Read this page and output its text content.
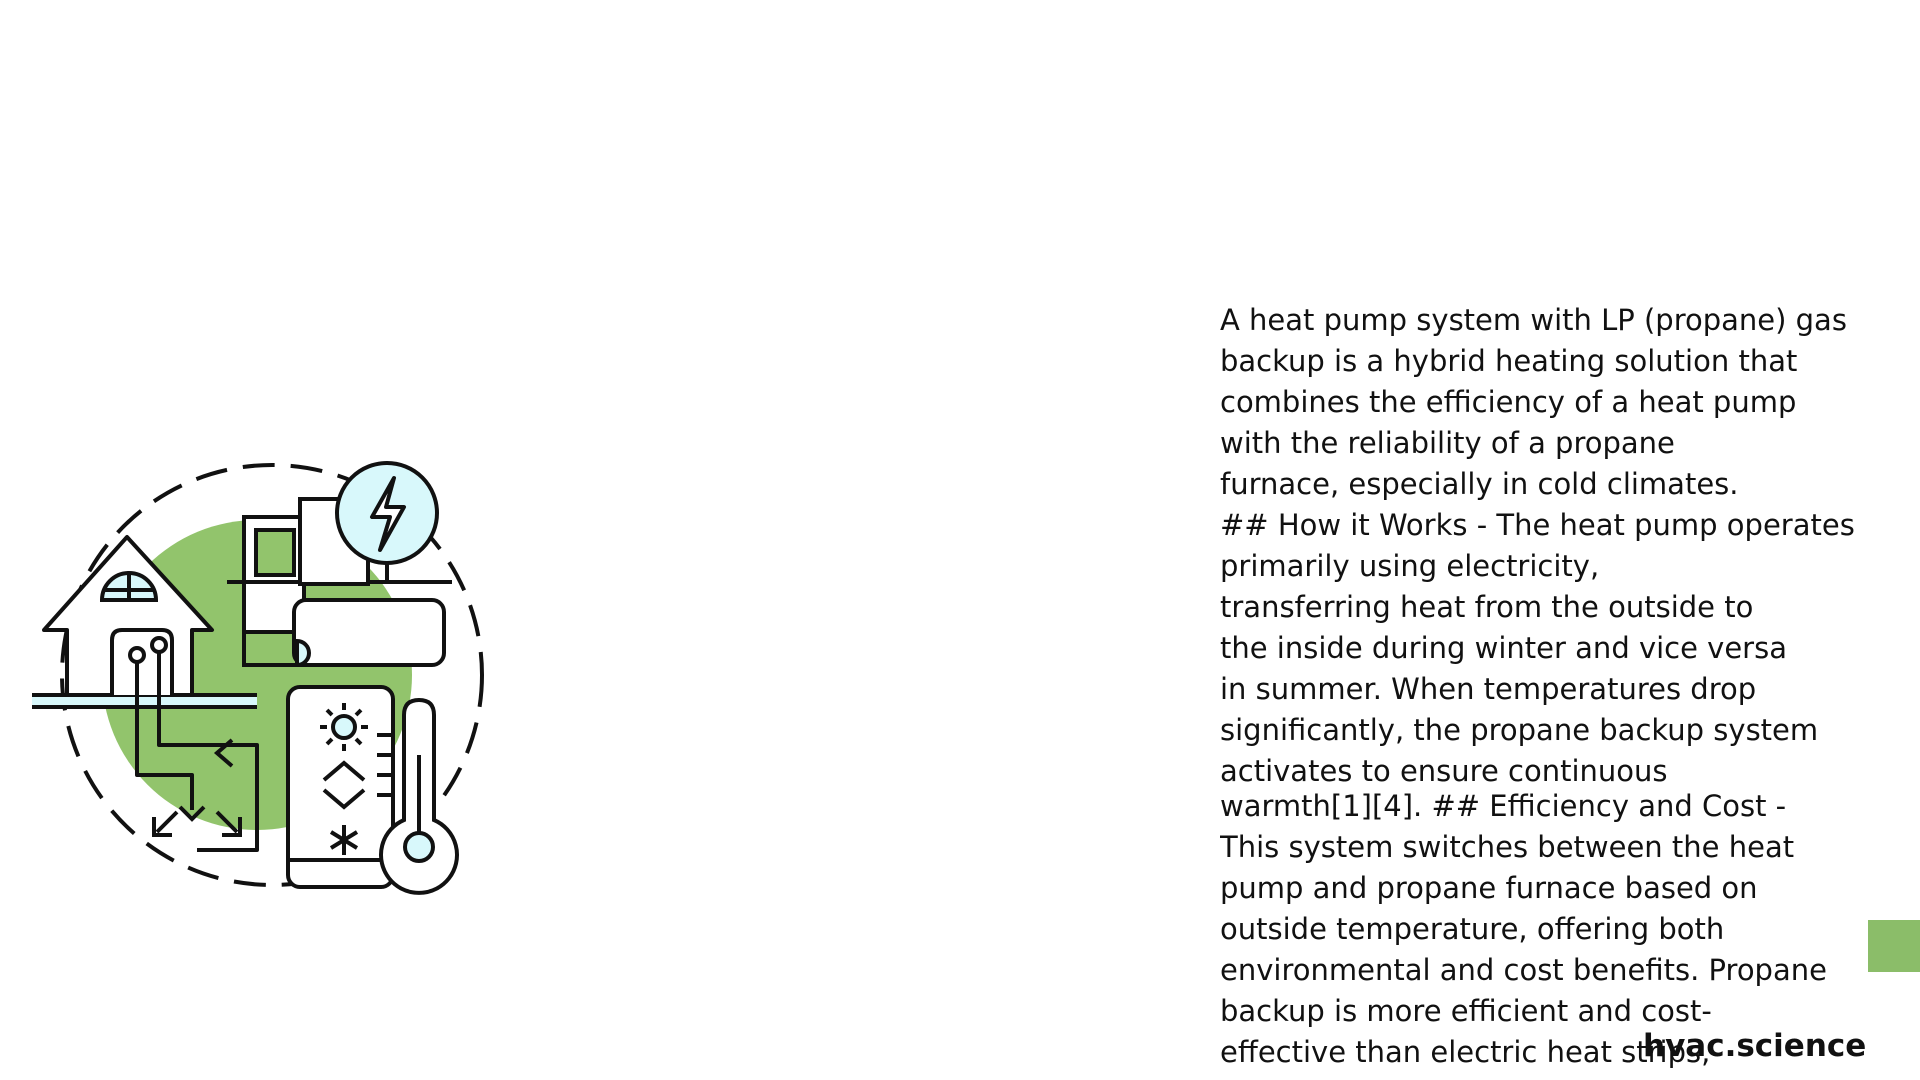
A heat pump system with LP (propane) gas
backup is a hybrid heating solution that
combines the efficiency of a heat pump
with the reliability of a propane
furnace, especially in cold climates.
## How it Works - The heat pump operates
primarily using electricity,
transferring heat from the outside to
the inside during winter and vice versa
in summer. When temperatures drop
significantly, the propane backup system
activates to ensure continuous

warmth[1][4]. ## Efficiency and Cost -
This system switches between the heat
pump and propane furnace based on
outside temperature, offering both
environmental and cost benefits. Propane
backup is more efficient and cost-
effective than electric heat strips,

hvac.science
